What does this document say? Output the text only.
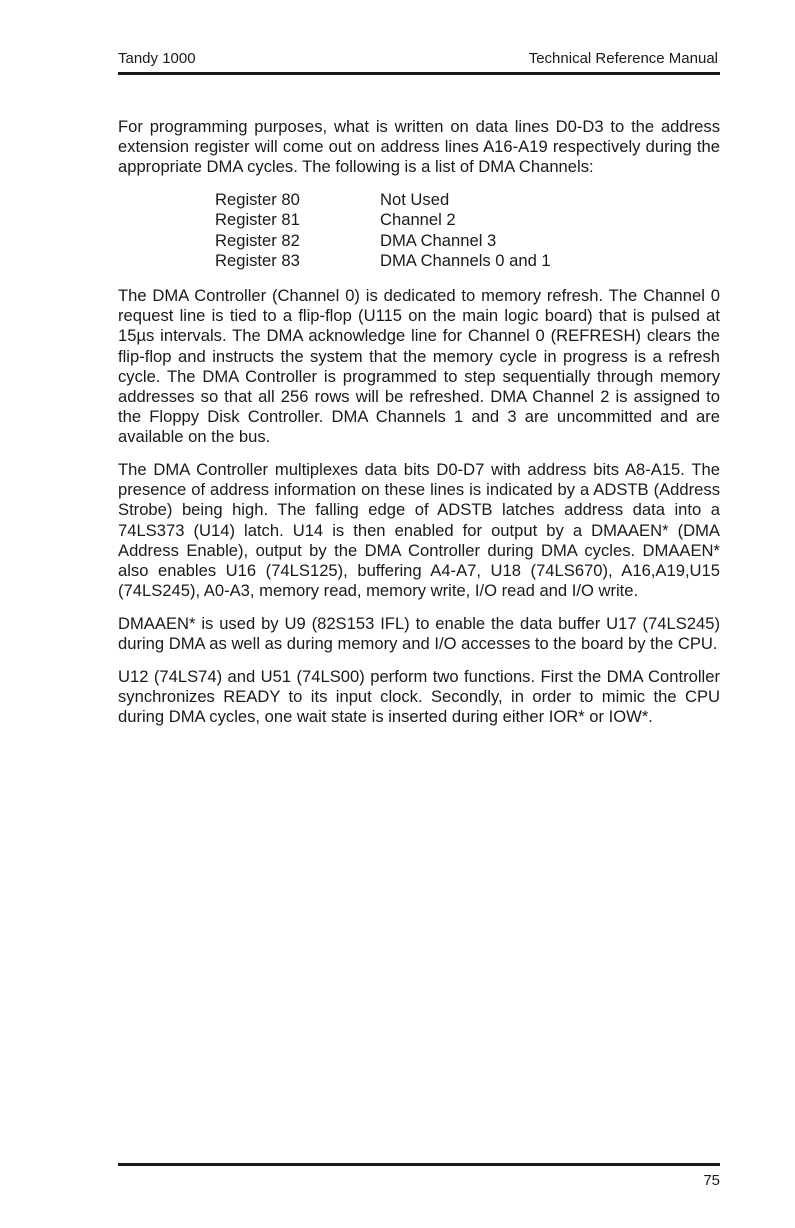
Tandy 1000	Technical Reference Manual

For programming purposes, what is written on data lines D0-D3 to the address extension register will come out on address lines A16-A19 respectively during the appropriate DMA cycles. The following is a list of DMA Channels:

Register 80	Not Used
Register 81	Channel 2
Register 82	DMA Channel 3
Register 83	DMA Channels 0 and 1

The DMA Controller (Channel 0) is dedicated to memory refresh. The Channel 0 request line is tied to a flip-flop (U115 on the main logic board) that is pulsed at 15µs intervals. The DMA acknowledge line for Channel 0 (REFRESH) clears the flip-flop and instructs the system that the memory cycle in progress is a refresh cycle. The DMA Controller is programmed to step sequentially through memory addresses so that all 256 rows will be refreshed. DMA Channel 2 is assigned to the Floppy Disk Controller. DMA Channels 1 and 3 are uncommitted and are available on the bus.

The DMA Controller multiplexes data bits D0-D7 with address bits A8-A15. The presence of address information on these lines is indicated by a ADSTB (Address Strobe) being high. The falling edge of ADSTB latches address data into a 74LS373 (U14) latch. U14 is then enabled for output by a DMAAEN* (DMA Address Enable), output by the DMA Controller during DMA cycles. DMAAEN* also enables U16 (74LS125), buffering A4-A7, U18 (74LS670), A16,A19,U15 (74LS245), A0-A3, memory read, memory write, I/O read and I/O write.

DMAAEN* is used by U9 (82S153 IFL) to enable the data buffer U17 (74LS245) during DMA as well as during memory and I/O accesses to the board by the CPU.

U12 (74LS74) and U51 (74LS00) perform two functions. First the DMA Controller synchronizes READY to its input clock. Secondly, in order to mimic the CPU during DMA cycles, one wait state is inserted during either IOR* or IOW*.

75
